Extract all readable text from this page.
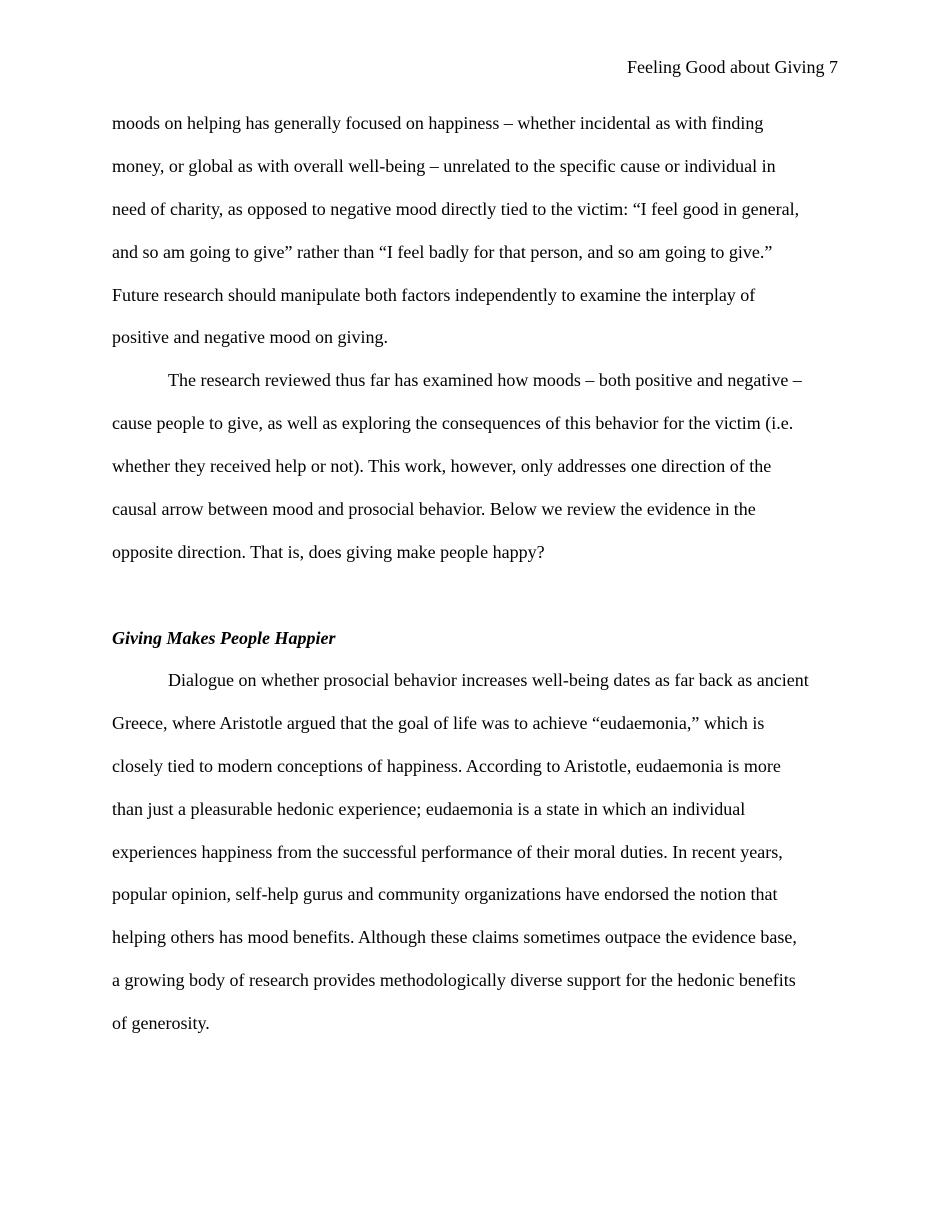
Feeling Good about Giving 7
moods on helping has generally focused on happiness – whether incidental as with finding
money, or global as with overall well-being – unrelated to the specific cause or individual in
need of charity, as opposed to negative mood directly tied to the victim: “I feel good in general,
and so am going to give” rather than “I feel badly for that person, and so am going to give.”
Future research should manipulate both factors independently to examine the interplay of
positive and negative mood on giving.
The research reviewed thus far has examined how moods – both positive and negative –
cause people to give, as well as exploring the consequences of this behavior for the victim (i.e.
whether they received help or not). This work, however, only addresses one direction of the
causal arrow between mood and prosocial behavior. Below we review the evidence in the
opposite direction. That is, does giving make people happy?
Giving Makes People Happier
Dialogue on whether prosocial behavior increases well-being dates as far back as ancient
Greece, where Aristotle argued that the goal of life was to achieve “eudaemonia,” which is
closely tied to modern conceptions of happiness. According to Aristotle, eudaemonia is more
than just a pleasurable hedonic experience; eudaemonia is a state in which an individual
experiences happiness from the successful performance of their moral duties. In recent years,
popular opinion, self-help gurus and community organizations have endorsed the notion that
helping others has mood benefits. Although these claims sometimes outpace the evidence base,
a growing body of research provides methodologically diverse support for the hedonic benefits
of generosity.
